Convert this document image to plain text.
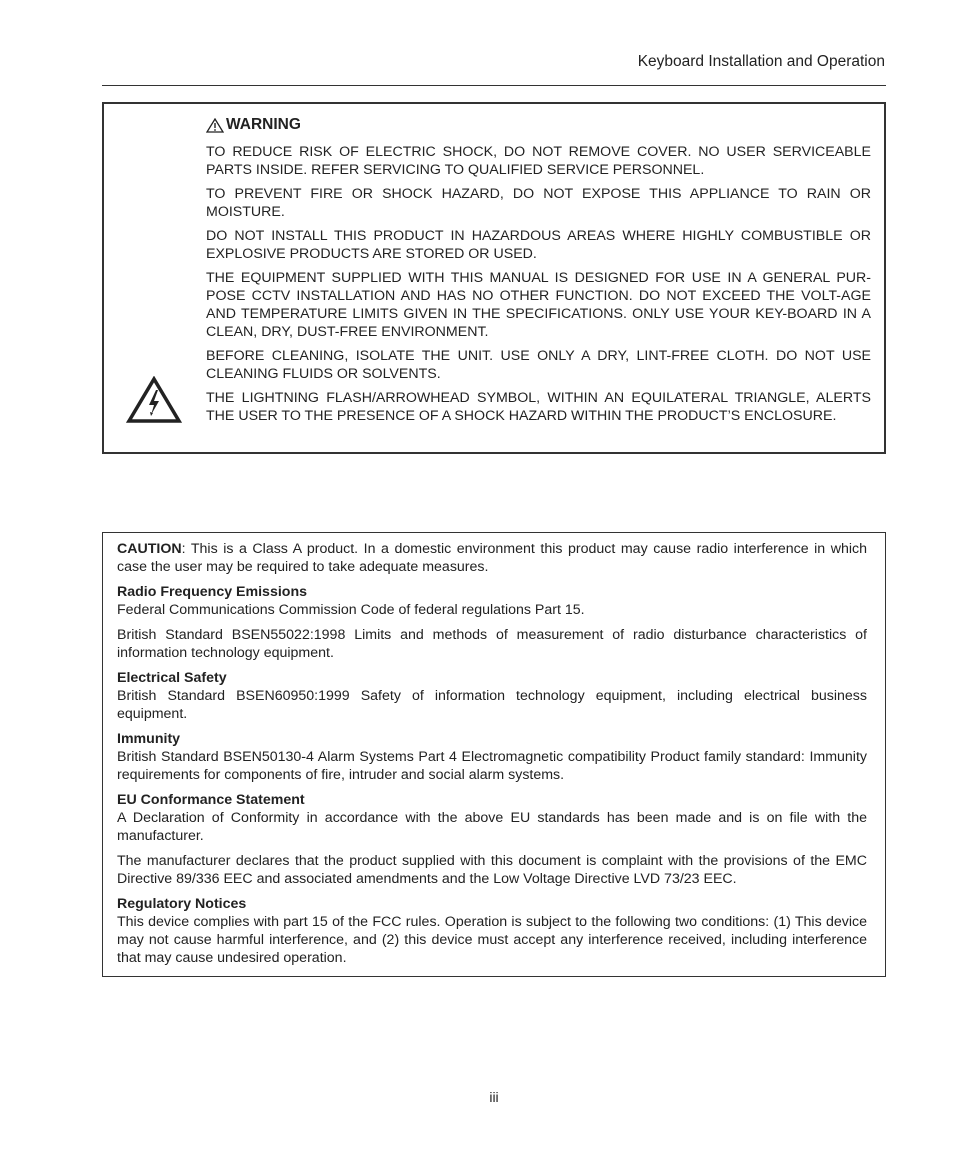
Keyboard Installation and Operation
WARNING

TO REDUCE RISK OF ELECTRIC SHOCK, DO NOT REMOVE COVER. NO USER SERVICEABLE PARTS INSIDE. REFER SERVICING TO QUALIFIED SERVICE PERSONNEL.

TO PREVENT FIRE OR SHOCK HAZARD, DO NOT EXPOSE THIS APPLIANCE TO RAIN OR MOISTURE.

DO NOT INSTALL THIS PRODUCT IN HAZARDOUS AREAS WHERE HIGHLY COMBUSTIBLE OR EXPLOSIVE PRODUCTS ARE STORED OR USED.

THE EQUIPMENT SUPPLIED WITH THIS MANUAL IS DESIGNED FOR USE IN A GENERAL PUR-POSE CCTV INSTALLATION AND HAS NO OTHER FUNCTION. DO NOT EXCEED THE VOLT-AGE AND TEMPERATURE LIMITS GIVEN IN THE SPECIFICATIONS. ONLY USE YOUR KEY-BOARD IN A CLEAN, DRY, DUST-FREE ENVIRONMENT.

BEFORE CLEANING, ISOLATE THE UNIT. USE ONLY A DRY, LINT-FREE CLOTH. DO NOT USE CLEANING FLUIDS OR SOLVENTS.

THE LIGHTNING FLASH/ARROWHEAD SYMBOL, WITHIN AN EQUILATERAL TRIANGLE, ALERTS THE USER TO THE PRESENCE OF A SHOCK HAZARD WITHIN THE PRODUCT’S ENCLOSURE.

CAUTION: This is a Class A product. In a domestic environment this product may cause radio interference in which case the user may be required to take adequate measures.

Radio Frequency Emissions
Federal Communications Commission Code of federal regulations Part 15.

British Standard BSEN55022:1998 Limits and methods of measurement of radio disturbance characteristics of information technology equipment.

Electrical Safety
British Standard BSEN60950:1999 Safety of information technology equipment, including electrical business equipment.

Immunity
British Standard BSEN50130-4 Alarm Systems Part 4 Electromagnetic compatibility Product family standard: Immunity requirements for components of fire, intruder and social alarm systems.

EU Conformance Statement
A Declaration of Conformity in accordance with the above EU standards has been made and is on file with the manufacturer.

The manufacturer declares that the product supplied with this document is complaint with the provisions of the EMC Directive 89/336 EEC and associated amendments and the Low Voltage Directive LVD 73/23 EEC.

Regulatory Notices
This device complies with part 15 of the FCC rules. Operation is subject to the following two conditions: (1) This device may not cause harmful interference, and (2) this device must accept any interference received, including interference that may cause undesired operation.

iii
